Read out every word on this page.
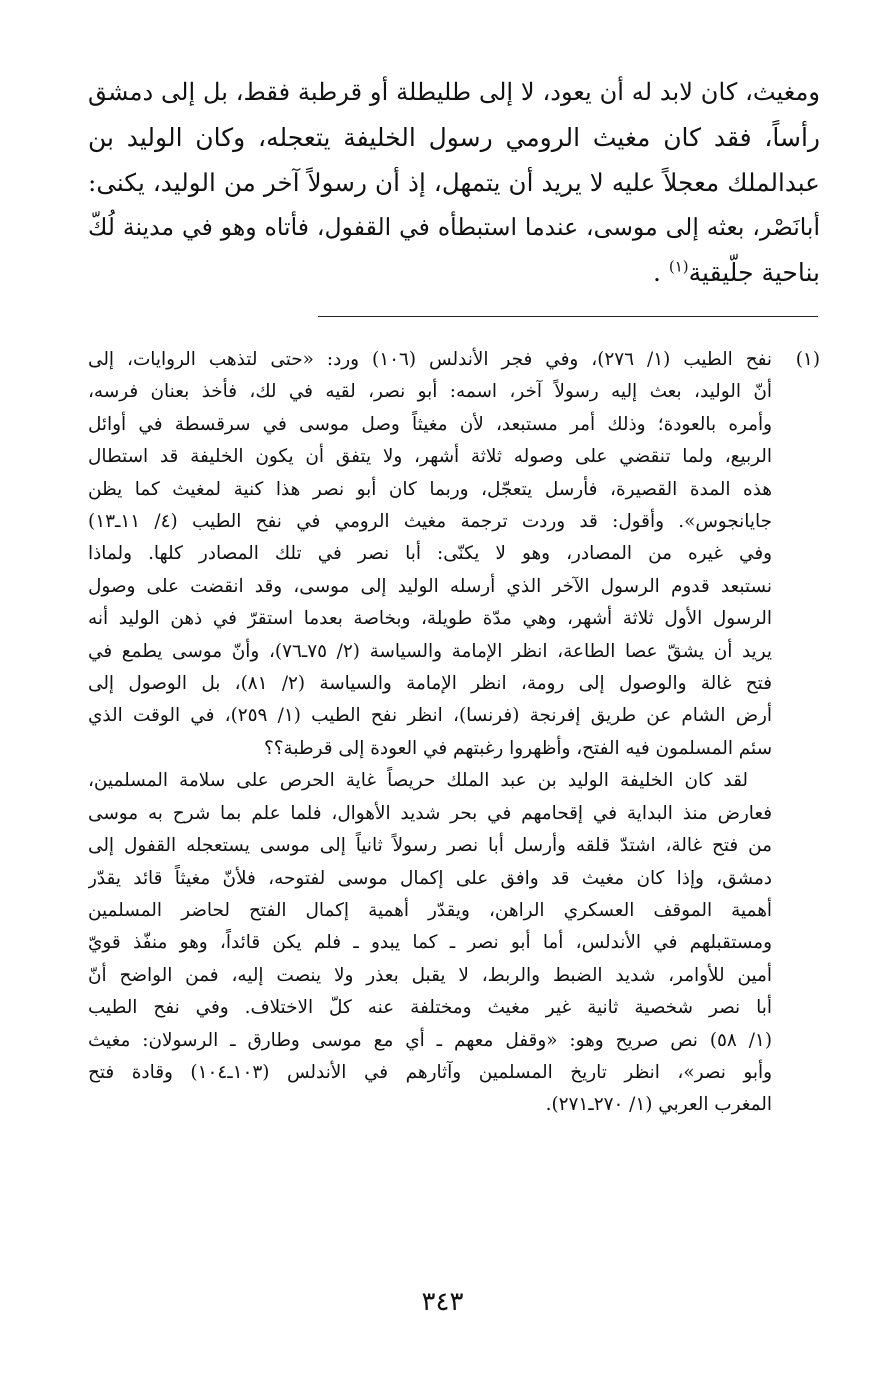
ومغيث، كان لابد له أن يعود، لا إلى طليطلة أو قرطبة فقط، بل إلى دمشق
رأساً، فقد كان مغيث الرومي رسول الخليفة يتعجله، وكان الوليد بن
عبدالملك معجلاً عليه لا يريد أن يتمهل، إذ أن رسولاً آخر من الوليد، يكنى:
أبانَصْر، بعثه إلى موسى، عندما استبطأه في القفول، فأتاه وهو في مدينة لُكّ
بناحية جلّيقية$^{(١)}$ .
(١)
نفح الطيب (١/ ٢٧٦)، وفي فجر الأندلس (١٠٦) ورد: «حتى لتذهب الروايات، إلى
أنّ الوليد، بعث إليه رسولاً آخر، اسمه: أبو نصر، لقيه في لك، فأخذ بعنان فرسه،
وأمره بالعودة؛ وذلك أمر مستبعد، لأن مغيثاً وصل موسى في سرقسطة في أوائل
الربيع، ولما تنقضي على وصوله ثلاثة أشهر، ولا يتفق أن يكون الخليفة قد استطال
هذه المدة القصيرة، فأرسل يتعجّل، وربما كان أبو نصر هذا كنية لمغيث كما يظن
جايانجوس». وأقول: قد وردت ترجمة مغيث الرومي في نفح الطيب (٤/ ١١ـ١٣)
وفي غيره من المصادر، وهو لا يكنّى: أبا نصر في تلك المصادر كلها. ولماذا
نستبعد قدوم الرسول الآخر الذي أرسله الوليد إلى موسى، وقد انقضت على وصول
الرسول الأول ثلاثة أشهر، وهي مدّة طويلة، وبخاصة بعدما استقرّ في ذهن الوليد أنه
يريد أن يشقّ عصا الطاعة، انظر الإمامة والسياسة (٢/ ٧٥ـ٧٦)، وأنّ موسى يطمع في
فتح غالة والوصول إلى رومة، انظر الإمامة والسياسة (٢/ ٨١)، بل الوصول إلى
أرض الشام عن طريق إفرنجة (فرنسا)، انظر نفح الطيب (١/ ٢٥٩)، في الوقت الذي
سئم المسلمون فيه الفتح، وأظهروا رغبتهم في العودة إلى قرطبة؟؟
لقد كان الخليفة الوليد بن عبد الملك حريصاً غاية الحرص على سلامة المسلمين،
فعارض منذ البداية في إقحامهم في بحر شديد الأهوال، فلما علم بما شرح به موسى
من فتح غالة، اشتدّ قلقه وأرسل أبا نصر رسولاً ثانياً إلى موسى يستعجله القفول إلى
دمشق، وإذا كان مغيث قد وافق على إكمال موسى لفتوحه، فلأنّ مغيثاً قائد يقدّر
أهمية الموقف العسكري الراهن، ويقدّر أهمية إكمال الفتح لحاضر المسلمين
ومستقبلهم في الأندلس، أما أبو نصر ـ كما يبدو ـ فلم يكن قائداً، وهو منفّذ قويّ
أمين للأوامر، شديد الضبط والربط، لا يقبل بعذر ولا ينصت إليه، فمن الواضح أنّ
أبا نصر شخصية ثانية غير مغيث ومختلفة عنه كلّ الاختلاف. وفي نفح الطيب
(١/ ٥٨) نص صريح وهو: «وقفل معهم ـ أي مع موسى وطارق ـ الرسولان: مغيث
وأبو نصر»، انظر تاريخ المسلمين وآثارهم في الأندلس (١٠٣ـ١٠٤) وقادة فتح
المغرب العربي (١/ ٢٧٠ـ٢٧١).
٣٤٣
